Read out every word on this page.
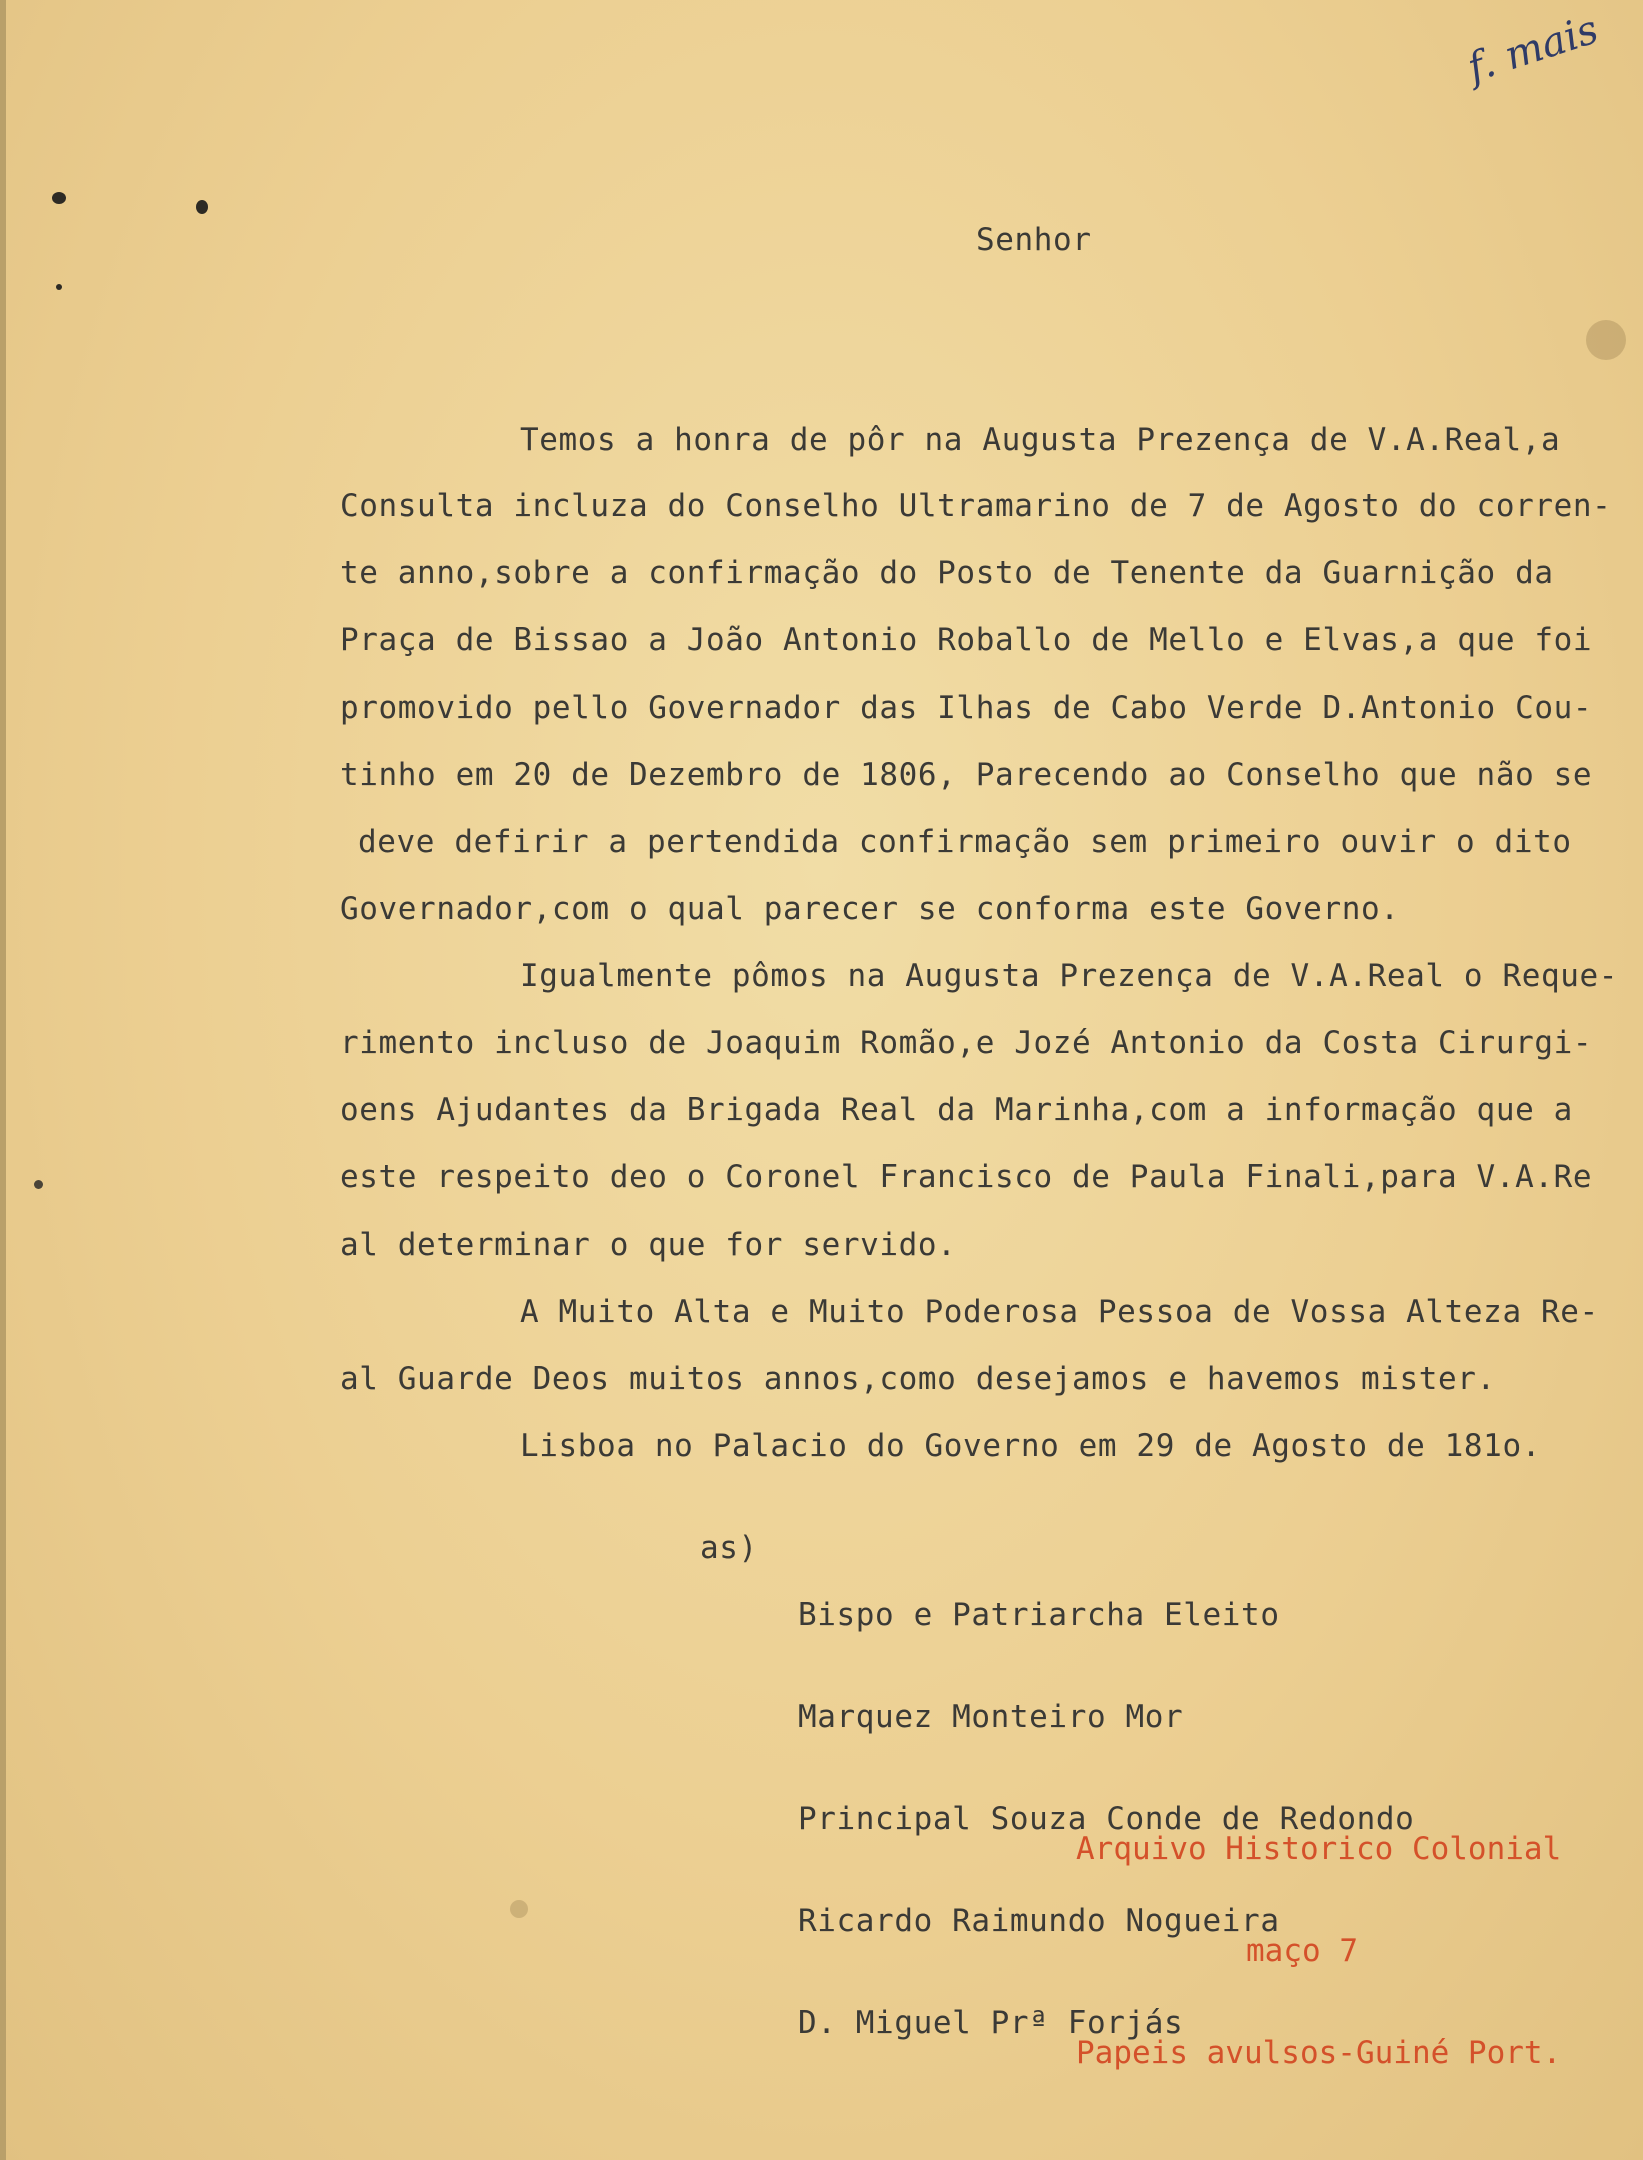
f. mais
Senhor
Temos a honra de pôr na Augusta Prezença de V.A.Real,a
Consulta incluza do Conselho Ultramarino de 7 de Agosto do corren-
te anno,sobre a confirmação do Posto de Tenente da Guarnição da
Praça de Bissao a João Antonio Roballo de Mello e Elvas,a que foi
promovido pello Governador das Ilhas de Cabo Verde D.Antonio Cou-
tinho em 20 de Dezembro de 1806, Parecendo ao Conselho que não se
deve defirir a pertendida confirmação sem primeiro ouvir o dito
Governador,com o qual parecer se conforma este Governo.
Igualmente pômos na Augusta Prezença de V.A.Real o Reque-
rimento incluso de Joaquim Romão,e Jozé Antonio da Costa Cirurgi-
oens Ajudantes da Brigada Real da Marinha,com a informação que a
este respeito deo o Coronel Francisco de Paula Finali,para V.A.Re
al determinar o que for servido.
A Muito Alta e Muito Poderosa Pessoa de Vossa Alteza Re-
al Guarde Deos muitos annos,como desejamos e havemos mister.
Lisboa no Palacio do Governo em 29 de Agosto de 181o.
as)

Bispo e Patriarcha Eleito

Marquez Monteiro Mor

Principal Souza Conde de Redondo

Ricardo Raimundo Nogueira

D. Miguel Prª Forjás

Arquivo Historico Colonial

maço 7

Papeis avulsos-Guiné Port.
